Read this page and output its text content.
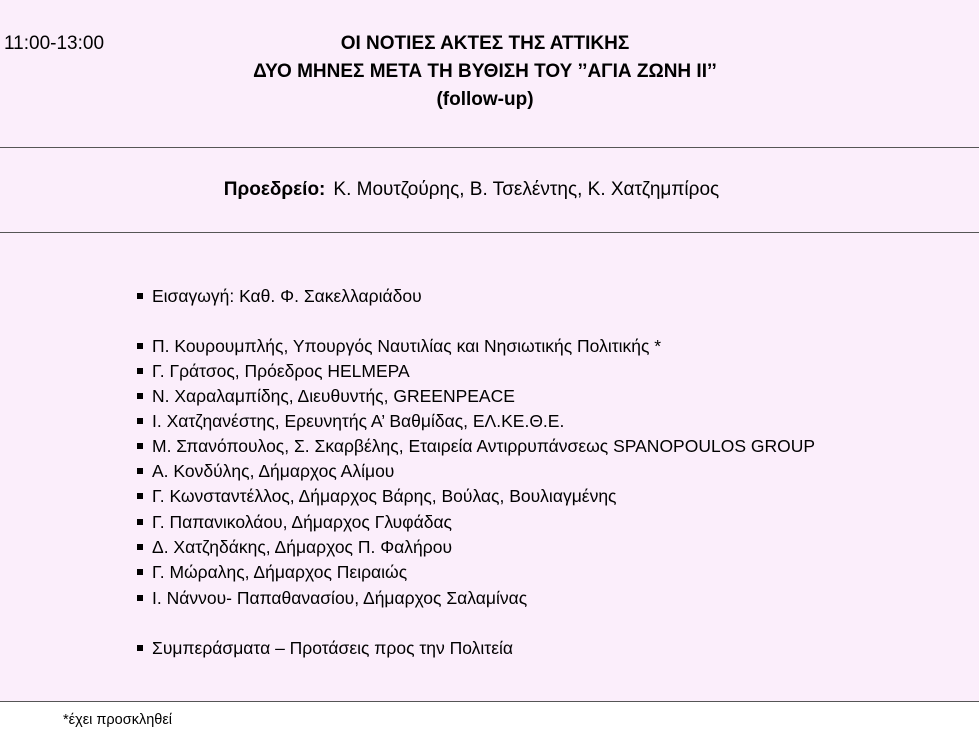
11:00-13:00	ΟΙ ΝΟΤΙΕΣ ΑΚΤΕΣ ΤΗΣ ΑΤΤΙΚΗΣ
ΔΥΟ ΜΗΝΕΣ ΜΕΤΑ ΤΗ ΒΥΘΙΣΗ ΤΟΥ ’’ΑΓΙΑ ΖΩΝΗ ΙΙ’’
(follow-up)
Προεδρείο: Κ. Μουτζούρης, Β. Τσελέντης, Κ. Χατζημπίρος
Εισαγωγή: Καθ. Φ. Σακελλαριάδου
Π. Κουρουμπλής, Υπουργός Ναυτιλίας και Νησιωτικής Πολιτικής *
Γ. Γράτσος, Πρόεδρος HELMEPA
Ν. Χαραλαμπίδης, Διευθυντής, GREENPEACE
Ι. Χατζηανέστης, Ερευνητής Α’ Βαθμίδας, ΕΛ.ΚΕ.Θ.Ε.
Μ. Σπανόπουλος, Σ. Σκαρβέλης, Εταιρεία Αντιρρυπάνσεως SPANOPOULOS GROUP
Α. Κονδύλης, Δήμαρχος Αλίμου
Γ. Κωνσταντέλλος, Δήμαρχος Βάρης, Βούλας, Βουλιαγμένης
Γ. Παπανικολάου, Δήμαρχος Γλυφάδας
Δ. Χατζηδάκης, Δήμαρχος Π. Φαλήρου
Γ. Μώραλης, Δήμαρχος Πειραιώς
Ι. Νάννου- Παπαθανασίου, Δήμαρχος Σαλαμίνας
Συμπεράσματα – Προτάσεις προς την Πολιτεία
*έχει προσκληθεί
